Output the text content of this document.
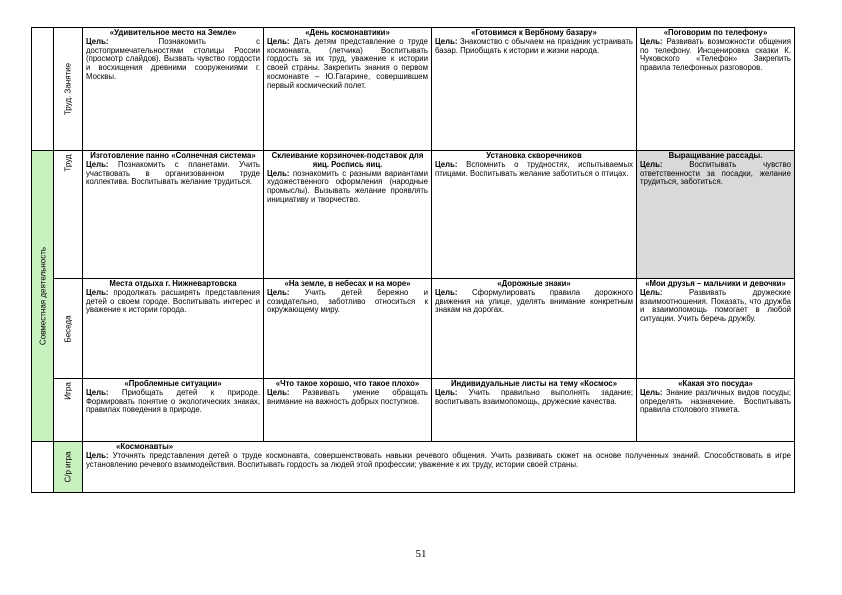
	Труд. Занятие	«Удивительное место на Земле»
Цель: Познакомить с достопримечательностями столицы России (просмотр слайдов). Вызвать чувство гордости и восхищения древними сооружениями г. Москвы.	«День космонавтики»
Цель: Дать детям представление о труде космонавта, (летчика) Воспитывать гордость за их труд, уважение к истории своей страны. Закрепить знания о первом космонавте – Ю.Гагарине, совершившем первый космический полет.	«Готовимся к Вербному базару»
Цель: Знакомство с обычаем на праздник устраивать базар. Приобщать к истории и жизни народа.	«Поговорим по телефону»
Цель: Развивать возможности общения по телефону. Инсценировка сказки К. Чуковского «Телефон» Закрепить правила телефонных разговоров.

Совместная деятельность	Труд	Изготовление панно «Солнечная система»
Цель: Познакомить с планетами. Учить участвовать в организованном труде коллектива. Воспитывать желание трудиться.	Склеивание корзиночек-подставок для яиц. Роспись яиц.
Цель: познакомить с разными вариантами художественного оформления (народные промыслы). Вызывать желание проявлять инициативу и творчество.	Установка скворечников
Цель: Вспомнить о трудностях, испытываемых птицами. Воспитывать желание заботиться о птицах.	Выращивание рассады.
Цель: Воспитывать чувство ответственности за посадки, желание трудиться, заботиться.

	Беседа	Места отдыха г. Нижневартовска
Цель: продолжать расширять представления детей о своем городе. Воспитывать интерес и уважение к истории города.	«На земле, в небесах и на море»
Цель: Учить детей бережно и созидательно, заботливо относиться к окружающему миру.	«Дорожные знаки»
Цель: Сформулировать правила дорожного движения на улице, уделять внимание конкретным знакам на дорогах.	«Мои друзья – мальчики и девочки»
Цель: Развивать дружеские взаимоотношения. Показать, что дружба и взаимопомощь помогает в любой ситуации. Учить беречь дружбу.

	Игра	«Проблемные ситуации»
Цель: Приобщать детей к природе. Формировать понятие о экологических знаках, правилах поведения в природе.	«Что такое хорошо, что такое плохо»
Цель: Развивать умение обращать внимание на важность добрых поступков.	Индивидуальные листы на тему «Космос»
Цель: Учить правильно выполнять задание; воспитывать взаимопомощь, дружеские качества.	«Какая это посуда»
Цель: Знание различных видов посуды; определять назначение. Воспитывать правила столового этикета.

	С/р игра	«Космонавты»
Цель: Уточнять представления детей о труде космонавта, совершенствовать навыки речевого общения. Учить развивать сюжет на основе полученных знаний. Способствовать в игре установлению речевого взаимодействия. Воспитывать гордость за людей этой профессии; уважение к их труду, истории своей страны.			
51
